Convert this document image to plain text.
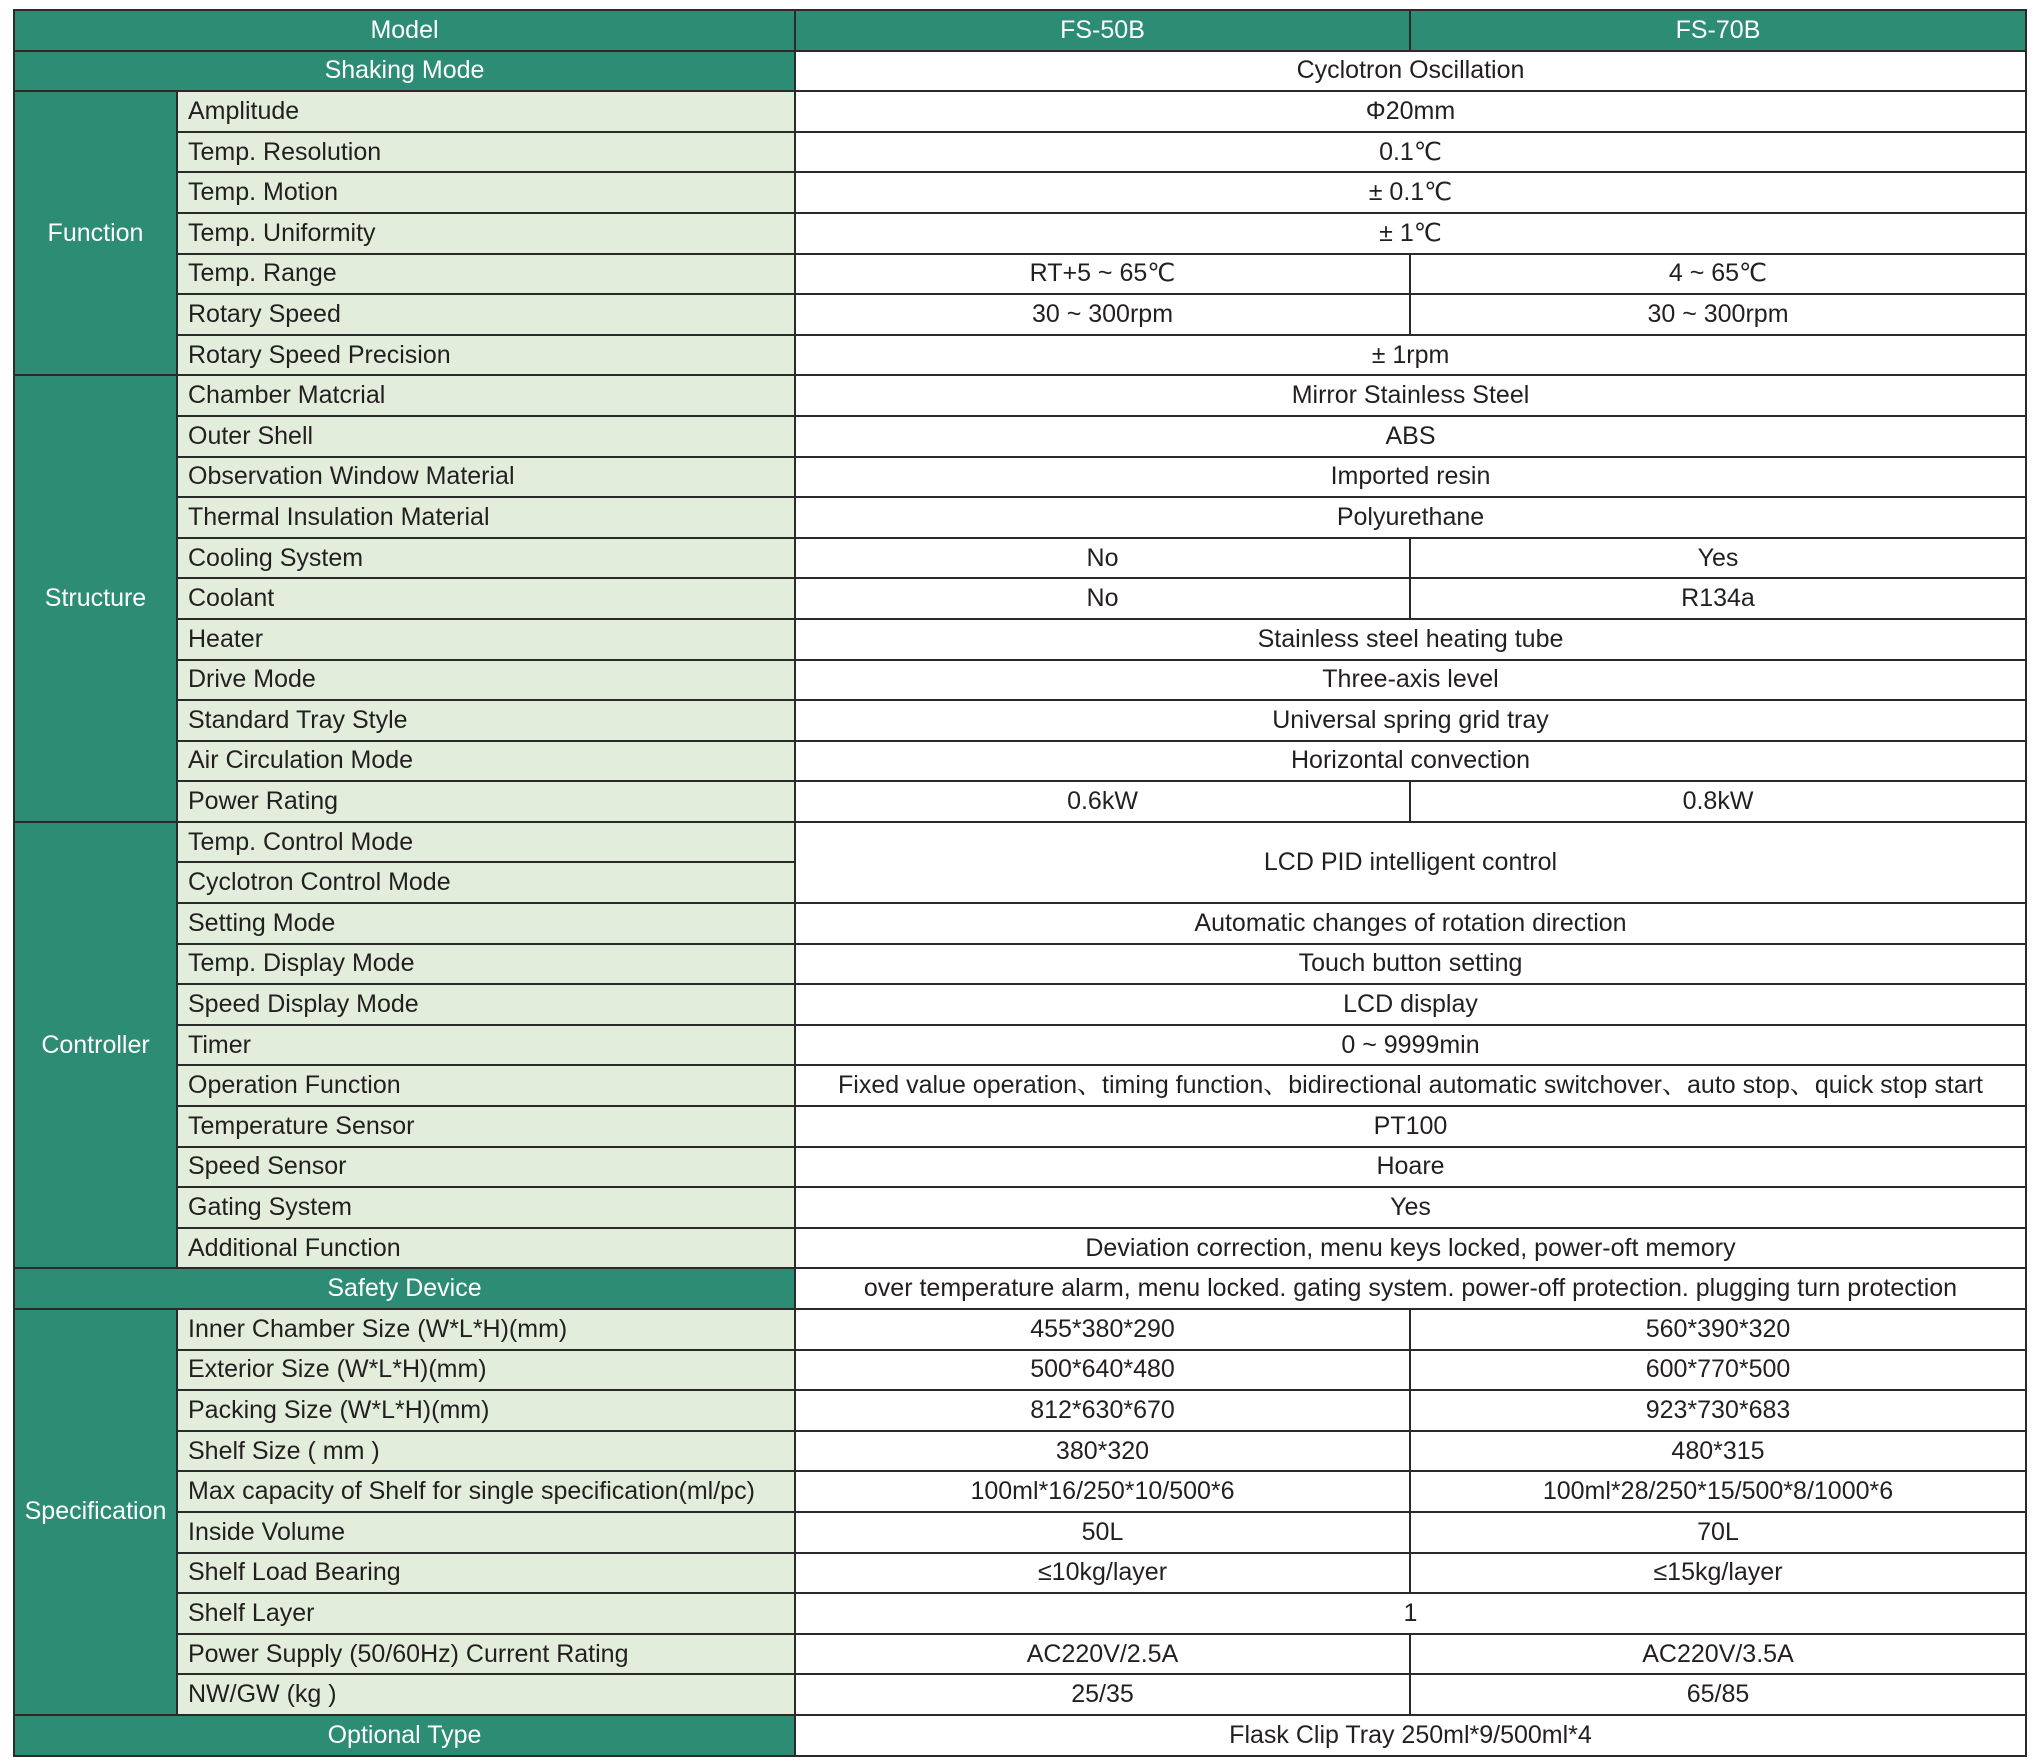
Model		FS-50B	FS-70B
Shaking Mode		Cyclotron Oscillation	
Function	Amplitude	Φ20mm	
	Temp. Resolution	0.1℃	
	Temp. Motion	± 0.1℃	
	Temp. Uniformity	± 1℃	
	Temp. Range	RT+5 ~ 65℃	4 ~ 65℃
	Rotary Speed	30 ~ 300rpm	30 ~ 300rpm
	Rotary Speed Precision	± 1rpm	
Structure	Chamber Matcrial	Mirror Stainless Steel	
	Outer Shell	ABS	
	Observation Window Material	Imported resin	
	Thermal Insulation Material	Polyurethane	
	Cooling System	No	Yes
	Coolant	No	R134a
	Heater	Stainless steel heating tube	
	Drive Mode	Three-axis level	
	Standard Tray Style	Universal spring grid tray	
	Air Circulation Mode	Horizontal convection	
	Power Rating	0.6kW	0.8kW
Controller	Temp. Control Mode	LCD PID intelligent control	
	Cyclotron Control Mode		
	Setting Mode	Automatic changes of rotation direction	
	Temp. Display Mode	Touch button setting	
	Speed Display Mode	LCD display	
	Timer	0 ~ 9999min	
	Operation Function	Fixed value operation、timing function、bidirectional automatic switchover、auto stop、quick stop start	
	Temperature Sensor	PT100	
	Speed Sensor	Hoare	
	Gating System	Yes	
	Additional Function	Deviation correction, menu keys locked, power-oft memory	
Safety Device		over temperature alarm, menu locked. gating system. power-off protection. plugging turn protection	
Specification	Inner Chamber Size (W*L*H)(mm)	455*380*290	560*390*320
	Exterior Size (W*L*H)(mm)	500*640*480	600*770*500
	Packing Size (W*L*H)(mm)	812*630*670	923*730*683
	Shelf Size ( mm )	380*320	480*315
	Max capacity of Shelf for single specification(ml/pc)	100ml*16/250*10/500*6	100ml*28/250*15/500*8/1000*6
	Inside Volume	50L	70L
	Shelf Load Bearing	≤10kg/layer	≤15kg/layer
	Shelf Layer	1	
	Power Supply (50/60Hz) Current Rating	AC220V/2.5A	AC220V/3.5A
	NW/GW (kg )	25/35	65/85
Optional Type		Flask Clip Tray 250ml*9/500ml*4	
